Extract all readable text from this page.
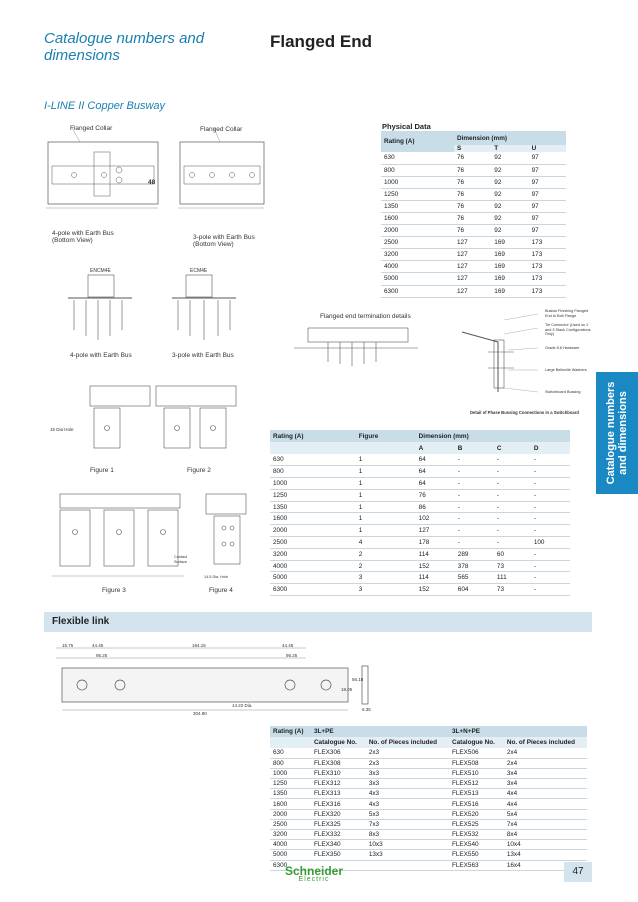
Catalogue numbers and dimensions
Flanged End
I-LINE II Copper Busway
Catalogue numbers and dimensions
Flanged Collar	Flanged Collar
48
4-pole with Earth Bus
(Bottom View)	3-pole with Earth Bus
(Bottom View)
ENCM4E	ECM4E
4-pole with Earth Bus	3-pole with Earth Bus
Physical Data
Rating (A)	Dimension (mm)		
	S	T	U
630	76	92	97
800	76	92	97
1000	76	92	97
1250	76	92	97
1350	76	92	97
1600	76	92	97
2000	76	92	97
2500	127	169	173
3200	127	169	173
4000	127	169	173
5000	127	169	173
6300	127	169	173
Flanged end termination details
Busbar Finishing Flanged End to Bolt Flange
Tie Connector (Used on 2 and 3 Stack Configurations Only)
Grade 8.8 Hardware
Large Belleville Washers
Switchboard Bussing
Detail of Phase Bussing Connections in a Switchboard
16 Dia Hole
Figure 1	Figure 2
Contact Surface
14.5 Dia. Hole
Figure 3	Figure 4
Rating (A)	Figure	Dimension (mm)			
		A	B	C	D
630	1	64	-	-	-
800	1	64	-	-	-
1000	1	64	-	-	-
1250	1	76	-	-	-
1350	1	86	-	-	-
1600	1	102	-	-	-
2000	1	127	-	-	-
2500	4	178	-	-	100
3200	2	114	289	60	-
4000	2	152	378	73	-
5000	3	114	565	111	-
6300	3	152	604	73	-
Flexible link
15.75	44.45	194.15	44.45
95.25	95.25
304.80
14.22 Dia.
56.18
19.05
6.35
Rating (A)	3L+PE		3L+N+PE	
	Catalogue No.	No. of Pieces included	Catalogue No.	No. of Pieces included
630	FLEX306	2x3	FLEX506	2x4
800	FLEX308	2x3	FLEX508	2x4
1000	FLEX310	3x3	FLEX510	3x4
1250	FLEX312	3x3	FLEX512	3x4
1350	FLEX313	4x3	FLEX513	4x4
1600	FLEX316	4x3	FLEX516	4x4
2000	FLEX320	5x3	FLEX520	5x4
2500	FLEX325	7x3	FLEX525	7x4
3200	FLEX332	8x3	FLEX532	8x4
4000	FLEX340	10x3	FLEX540	10x4
5000	FLEX350	13x3	FLEX550	13x4
6300			FLEX563	16x4
Schneider
Electric
47
